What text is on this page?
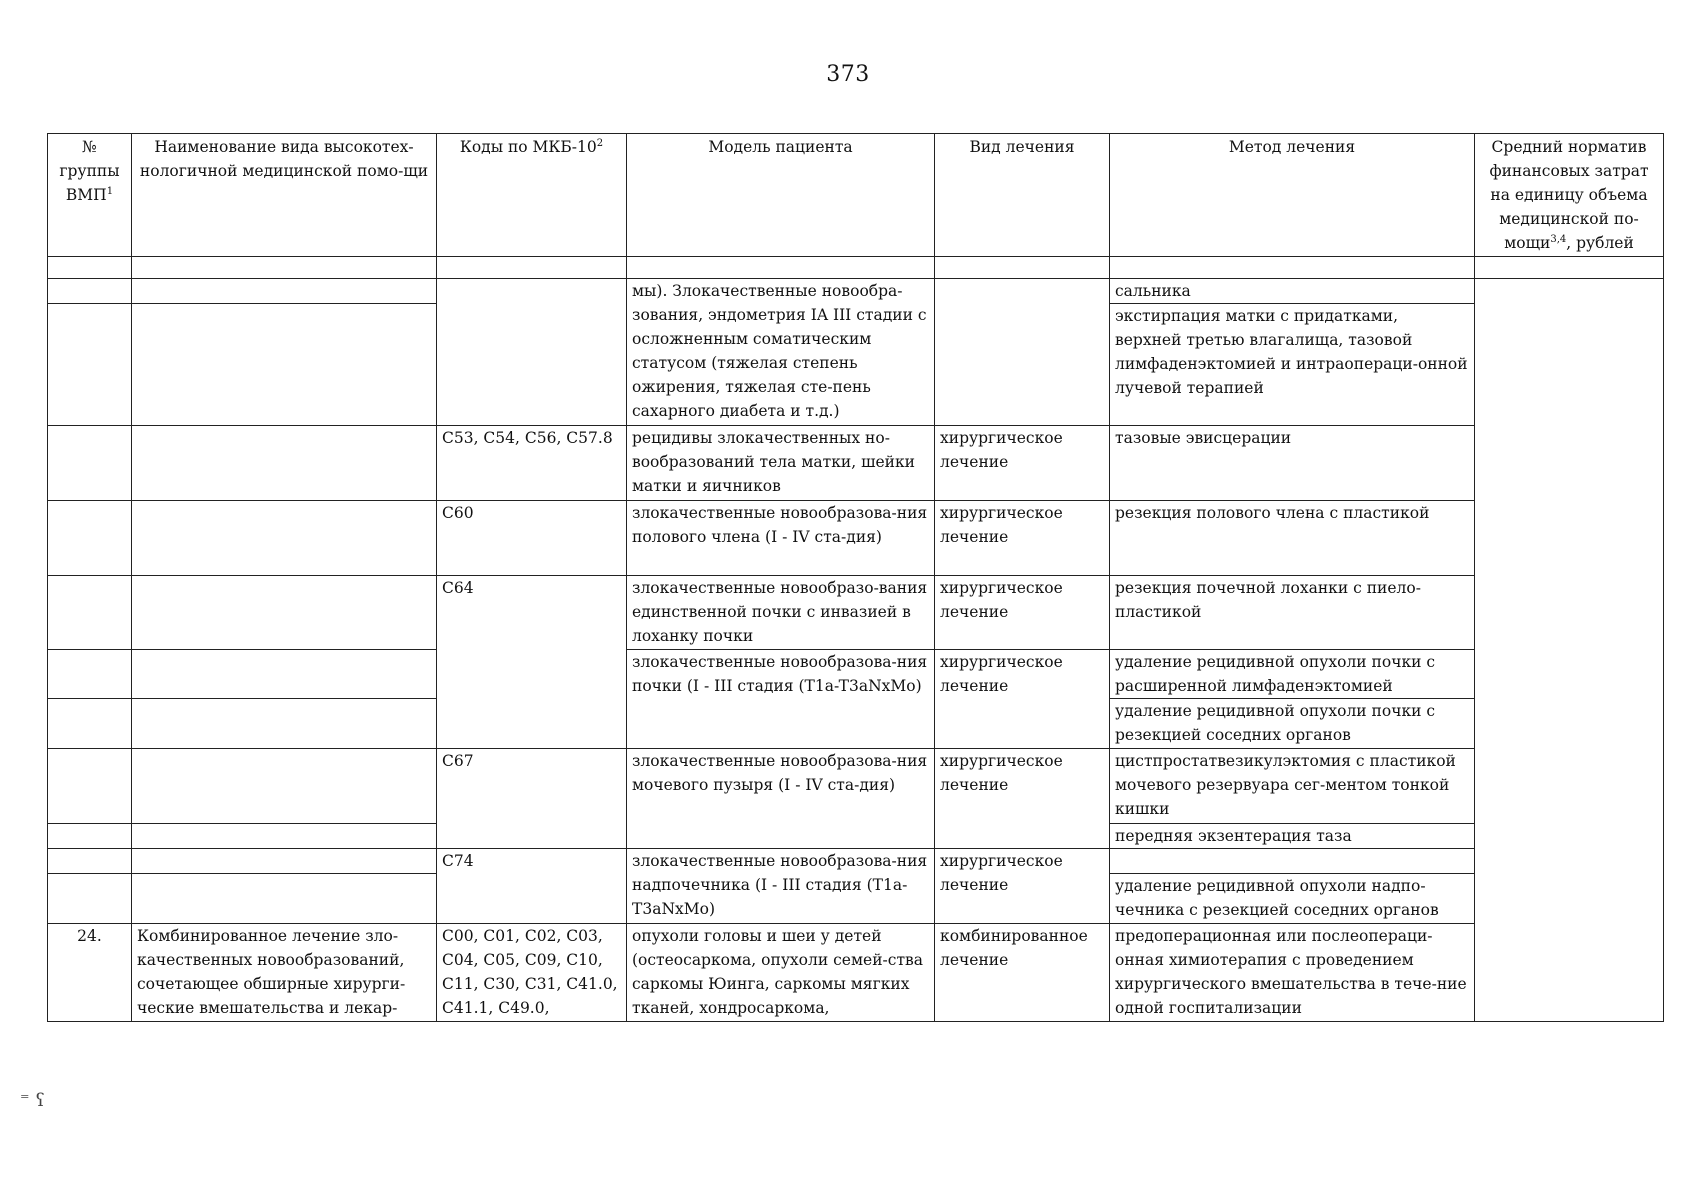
373
№ группы ВМП$^1$	Наименование вида высокотех-нологичной медицинской помо-щи	Коды по МКБ-$10^2$	Модель пациента	Вид лечения	Метод лечения	Средний норматив финансовых затрат на единицу объема медицинской по-мощи$^{3,4}$, рублей	

			мы). Злокачественные новообра-зования, эндометрия IA III стадии с осложненным соматическим статусом (тяжелая степень ожирения, тяжелая сте-пень сахарного диабета и т.д.)		сальника		
					экстирпация матки с придатками, верхней третью влагалища, тазовой лимфаденэктомией и интраопераци-онной лучевой терапией		
		C53, C54, C56, C57.8	рецидивы злокачественных но-вообразований тела матки, шейки матки и яичников	хирургическое лечение	тазовые эвисцерации		
		C60	злокачественные новообразова-ния полового члена (I - IV ста-дия)	хирургическое лечение	резекция полового члена с пластикой		
		C64	злокачественные новообразо-вания единственной почки с инвазией в лоханку почки	хирургическое лечение	резекция почечной лоханки с пиело-пластикой		
			злокачественные новообразова-ния почки (I - III стадия (T1a-T3aNxMo)	хирургическое лечение	удаление рецидивной опухоли почки с расширенной лимфаденэктомией		
					удаление рецидивной опухоли почки с резекцией соседних органов		
		C67	злокачественные новообразова-ния мочевого пузыря (I - IV ста-дия)	хирургическое лечение	цистпростатвезикулэктомия с пластикой мочевого резервуара сег-ментом тонкой кишки		
					передняя экзентерация таза		
		C74	злокачественные новообразова-ния надпочечника (I - III стадия (T1a-T3aNxMo)	хирургическое лечение			
					удаление рецидивной опухоли надпо-чечника с резекцией соседних органов		
24.	Комбинированное лечение зло-качественных новообразований, сочетающее обширные хирурги-ческие вмешательства и лекар-	C00, C01, C02, C03, C04, C05, C09, C10, C11, C30, C31, C41.0, C41.1, C49.0,	опухоли головы и шеи у детей (остеосаркома, опухоли семей-ства саркомы Юинга, саркомы мягких тканей, хондросаркома,	комбинированное лечение	предоперационная или послеопераци-онная химиотерапия с проведением хирургического вмешательства в тече-ние одной госпитализации	
⁼ ʕ
